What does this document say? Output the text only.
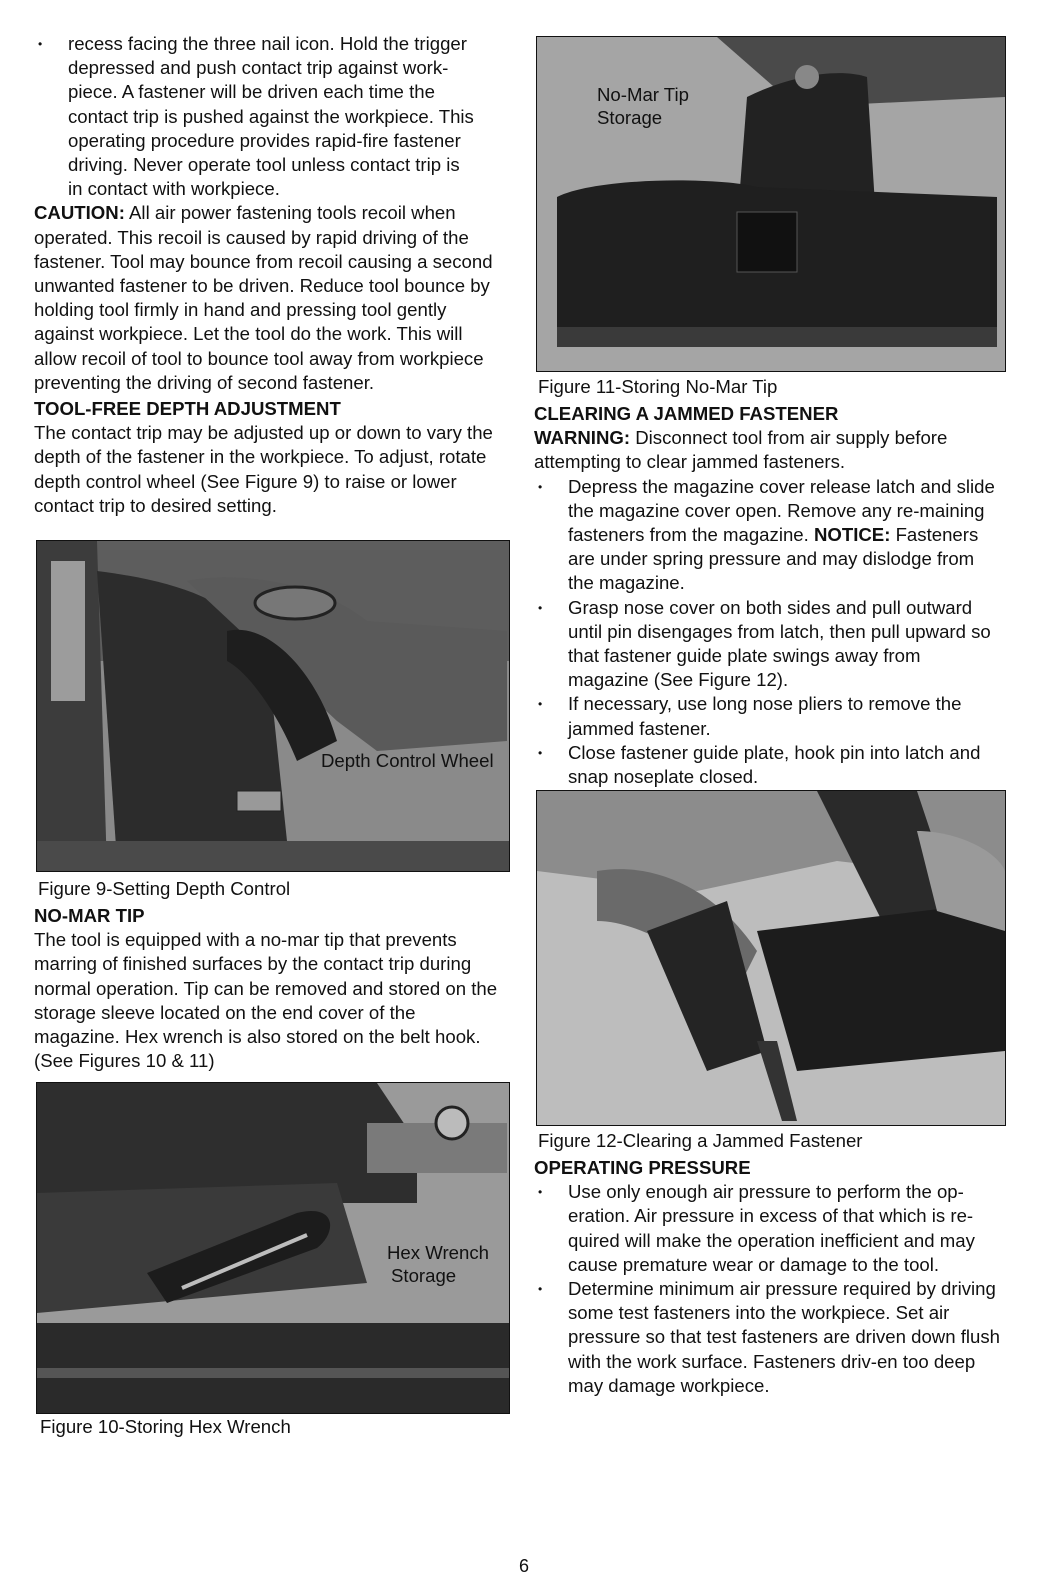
• recess facing the three nail icon. Hold the trigger
depressed and push contact trip against work-
piece. A fastener will be driven each time the
contact trip is pushed against the workpiece. This
operating procedure provides rapid-fire fastener
driving. Never operate tool unless contact trip is
in contact with workpiece.

CAUTION: All air power fastening tools recoil when operated. This recoil is caused by rapid driving of the fastener. Tool may bounce from recoil causing a second unwanted fastener to be driven. Reduce tool bounce by holding tool firmly in hand and pressing tool gently against workpiece. Let the tool do the work. This will allow recoil of tool to bounce tool away from workpiece preventing the driving of second fastener.

TOOL-FREE DEPTH ADJUSTMENT

The contact trip may be adjusted up or down to vary the depth of the fastener in the workpiece. To adjust, rotate depth control wheel (See Figure 9) to raise or lower contact trip to desired setting.

Depth Control Wheel

Figure 9-Setting Depth Control

NO-MAR TIP

The tool is equipped with a no-mar tip that prevents marring of finished surfaces by the contact trip during normal operation. Tip can be removed and stored on the storage sleeve located on the end cover of the magazine. Hex wrench is also stored on the belt hook. (See Figures 10 & 11)

Hex Wrench
Storage

Figure 10-Storing Hex Wrench

No-Mar Tip
Storage

Figure 11-Storing No-Mar Tip

CLEARING A JAMMED FASTENER

WARNING: Disconnect tool from air supply before attempting to clear jammed fasteners.

• Depress the magazine cover release latch and slide the magazine cover open. Remove any re-maining fasteners from the magazine. NOTICE: Fasteners are under spring pressure and may dislodge from the magazine.
• Grasp nose cover on both sides and pull outward until pin disengages from latch, then pull upward so that fastener guide plate swings away from magazine (See Figure 12).
• If necessary, use long nose pliers to remove the jammed fastener.
• Close fastener guide plate, hook pin into latch and snap noseplate closed.

Figure 12-Clearing a Jammed Fastener

OPERATING PRESSURE

• Use only enough air pressure to perform the op-eration. Air pressure in excess of that which is re-quired will make the operation inefficient and may cause premature wear or damage to the tool.
• Determine minimum air pressure required by driving some test fasteners into the workpiece. Set air pressure so that test fasteners are driven down flush with the work surface. Fasteners driv-en too deep may damage workpiece.
6
